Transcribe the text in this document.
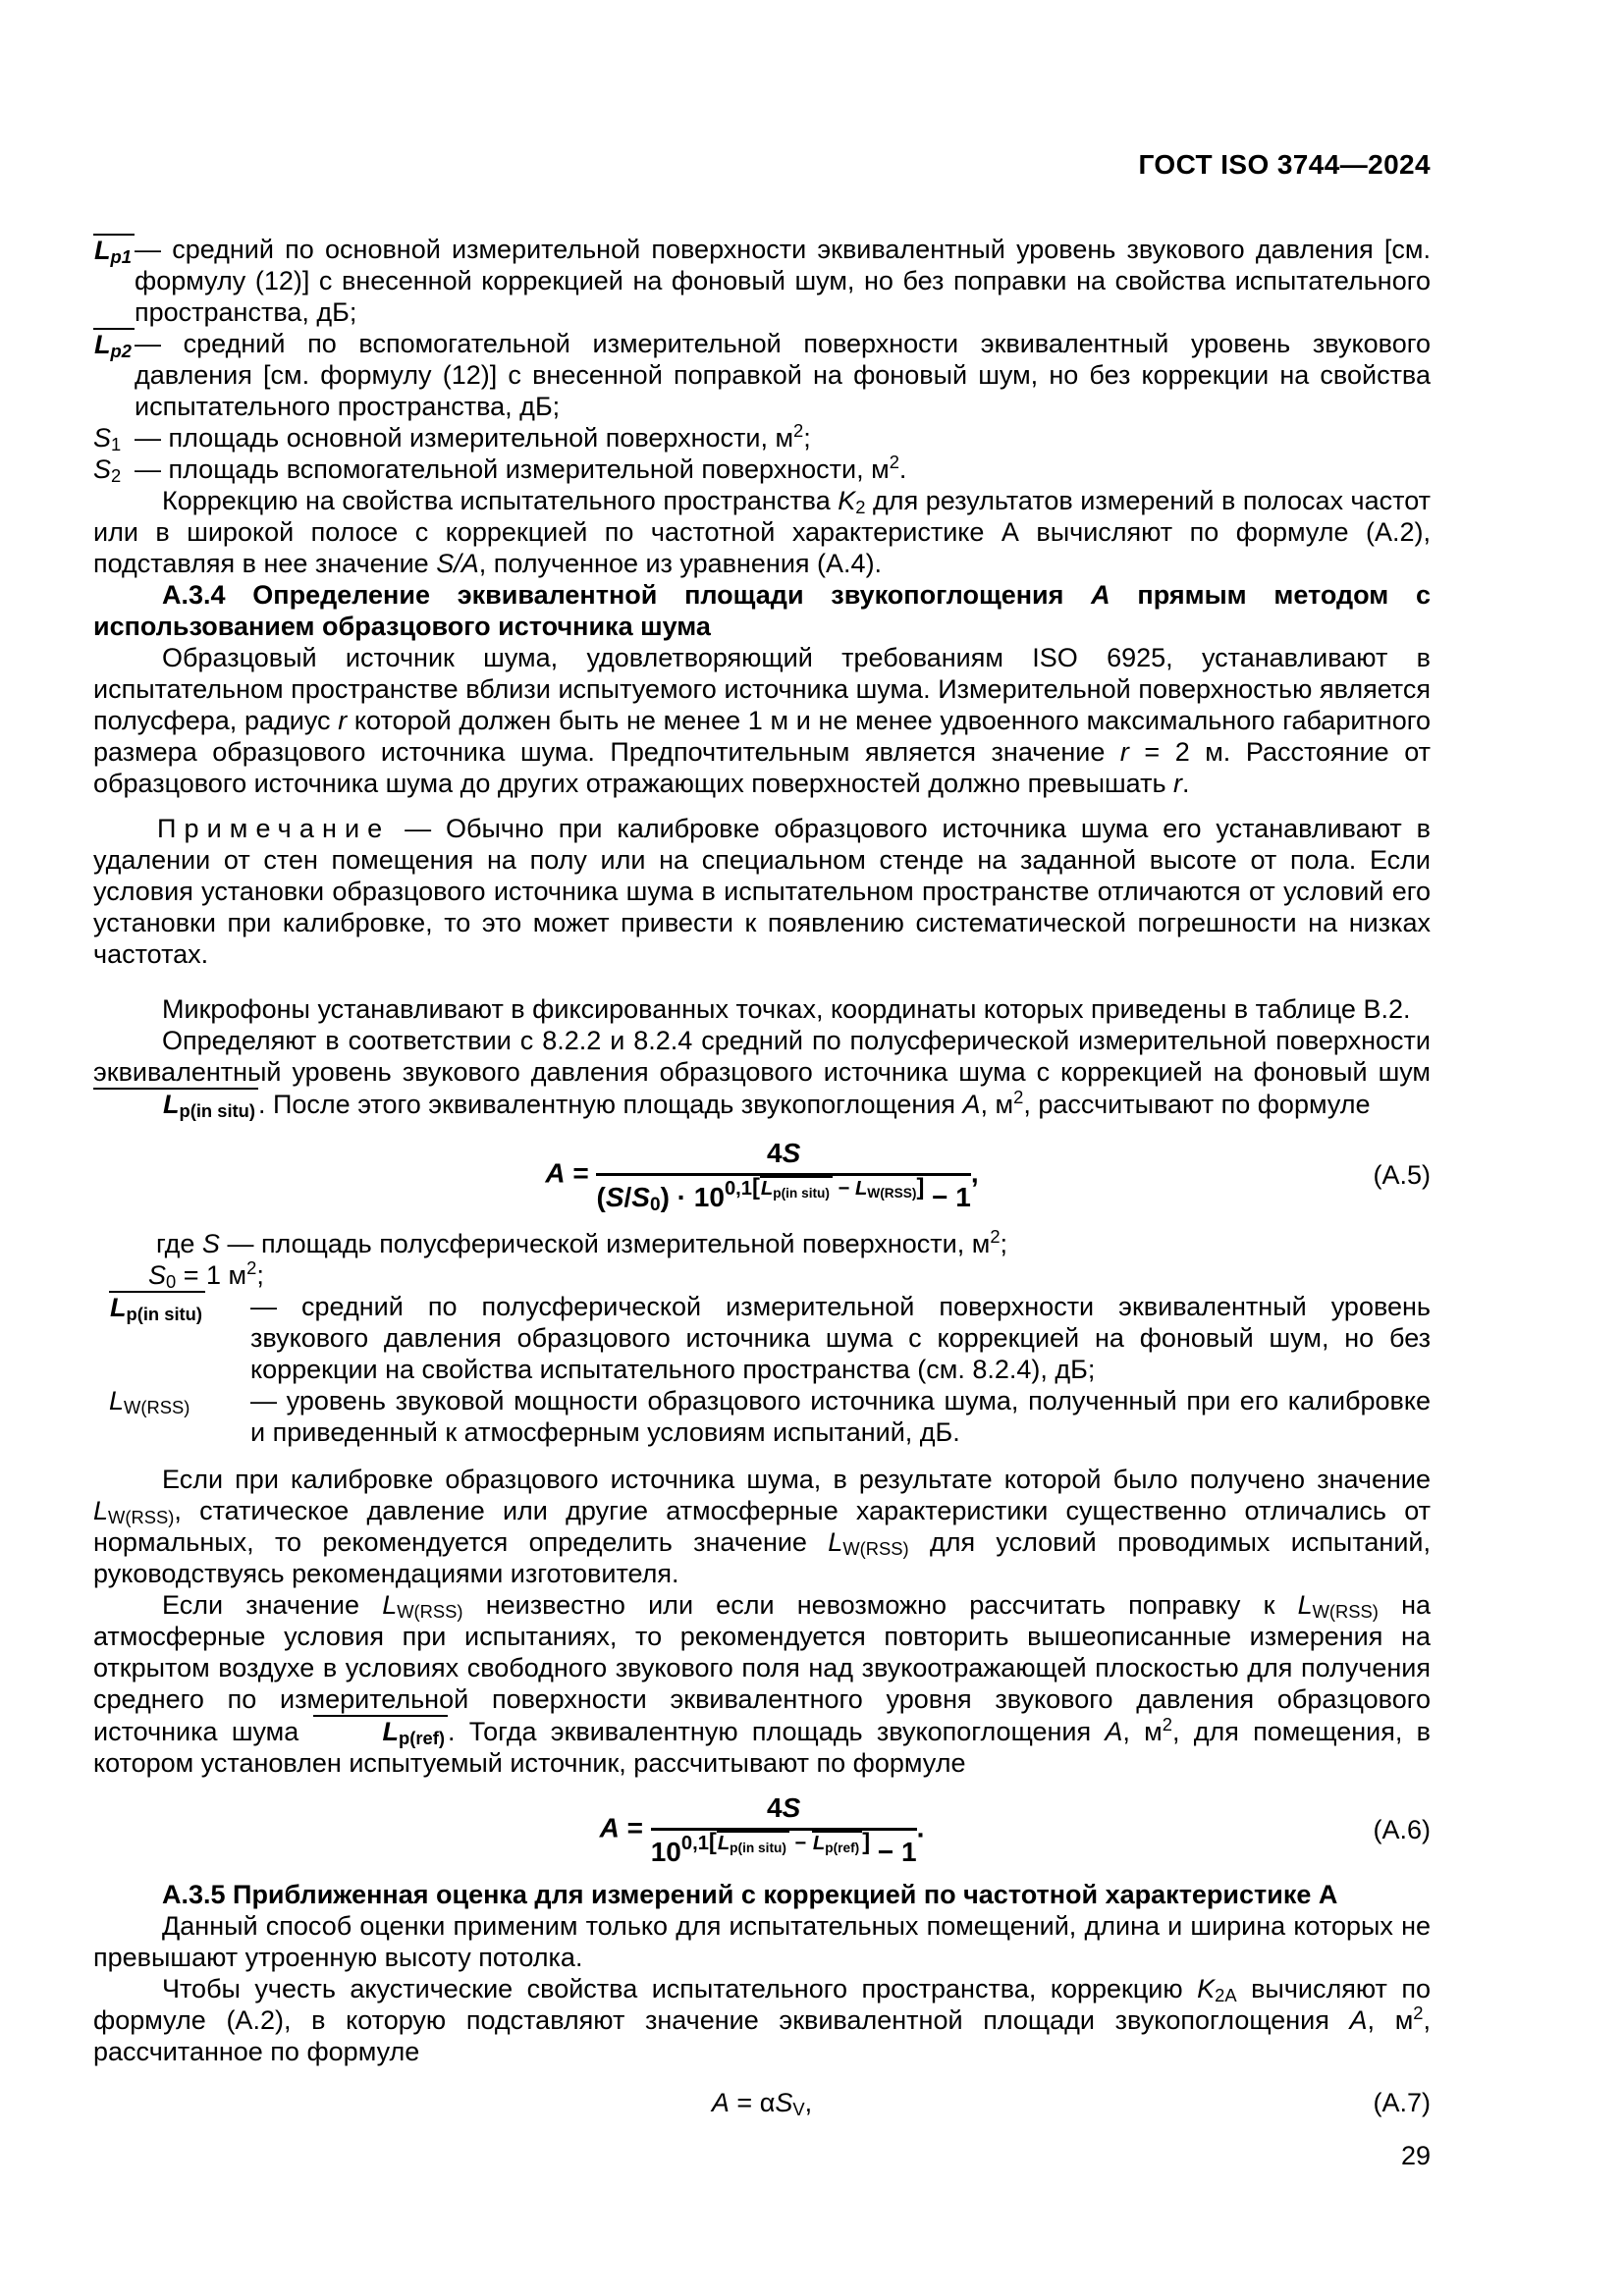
ГОСТ ISO 3744—2024
$L_{p1}$ — средний по основной измерительной поверхности эквивалентный уровень звукового давления [см. формулу (12)] с внесенной коррекцией на фоновый шум, но без поправки на свойства испытательного пространства, дБ;
$L_{p2}$ — средний по вспомогательной измерительной поверхности эквивалентный уровень звукового давления [см. формулу (12)] с внесенной поправкой на фоновый шум, но без коррекции на свойства испытательного пространства, дБ;
$S_1$ — площадь основной измерительной поверхности, $м^2$;
$S_2$ — площадь вспомогательной измерительной поверхности, $м^2$.

Коррекцию на свойства испытательного пространства $K_2$ для результатов измерений в полосах частот или в широкой полосе с коррекцией по частотной характеристике А вычисляют по формуле (А.2), подставляя в нее значение S/A, полученное из уравнения (А.4).

А.3.4 Определение эквивалентной площади звукопоглощения A прямым методом с использованием образцового источника шума

Образцовый источник шума, удовлетворяющий требованиям ISO 6925, устанавливают в испытательном пространстве вблизи испытуемого источника шума. Измерительной поверхностью является полусфера, радиус r которой должен быть не менее 1 м и не менее удвоенного максимального габаритного размера образцового источника шума. Предпочтительным является значение r = 2 м. Расстояние от образцового источника шума до других отражающих поверхностей должно превышать r.

Примечание — Обычно при калибровке образцового источника шума его устанавливают в удалении от стен помещения на полу или на специальном стенде на заданной высоте от пола. Если условия установки образцового источника шума в испытательном пространстве отличаются от условий его установки при калибровке, то это может привести к появлению систематической погрешности на низках частотах.

Микрофоны устанавливают в фиксированных точках, координаты которых приведены в таблице В.2.

Определяют в соответствии с 8.2.2 и 8.2.4 средний по полусферической измерительной поверхности эквивалентный уровень звукового давления образцового источника шума с коррекцией на фоновый шум $L_{p(in situ)}$ . После этого эквивалентную площадь звукопоглощения A, $м^2$, рассчитывают по формуле

$A = \frac{4S}{(S/S_0) \cdot 10^{0,1[L_{p(in situ)} - L_{W(RSS)}]} - 1}$ ,	(А.5)

где S — площадь полусферической измерительной поверхности, $м^2$;

$S_0 = 1$ $м^2$;

$L_{p(in situ)}$	— средний по полусферической измерительной поверхности эквивалентный уровень звукового давления образцового источника шума с коррекцией на фоновый шум, но без коррекции на свойства испытательного пространства (см. 8.2.4), дБ;
$L_{W(RSS)}$	— уровень звуковой мощности образцового источника шума, полученный при его калибровке и приведенный к атмосферным условиям испытаний, дБ.

Если при калибровке образцового источника шума, в результате которой было получено значение $L_{W(RSS)}$, статическое давление или другие атмосферные характеристики существенно отличались от нормальных, то рекомендуется определить значение $L_{W(RSS)}$ для условий проводимых испытаний, руководствуясь рекомендациями изготовителя.

Если значение $L_{W(RSS)}$ неизвестно или если невозможно рассчитать поправку к $L_{W(RSS)}$ на атмосферные условия при испытаниях, то рекомендуется повторить вышеописанные измерения на открытом воздухе в условиях свободного звукового поля над звукоотражающей плоскостью для получения среднего по измерительной поверхности эквивалентного уровня звукового давления образцового источника шума	$L_{p(ref)}$ . Тогда эквивалентную площадь звукопоглощения A, $м^2$, для помещения, в котором установлен испытуемый источник, рассчитывают по формуле

$A = \frac{4S}{10^{0,1[L_{p(in situ)} - L_{p(ref)} ]} - 1}$ .	(А.6)

А.3.5 Приближенная оценка для измерений с коррекцией по частотной характеристике А

Данный способ оценки применим только для испытательных помещений, длина и ширина которых не превышают утроенную высоту потолка.

Чтобы учесть акустические свойства испытательного пространства, коррекцию $K_{2А}$ вычисляют по формуле (А.2), в которую подставляют значение эквивалентной площади звукопоглощения A, $м^2$, рассчитанное по формуле

$A = \alpha S_V$,	(А.7)
29
